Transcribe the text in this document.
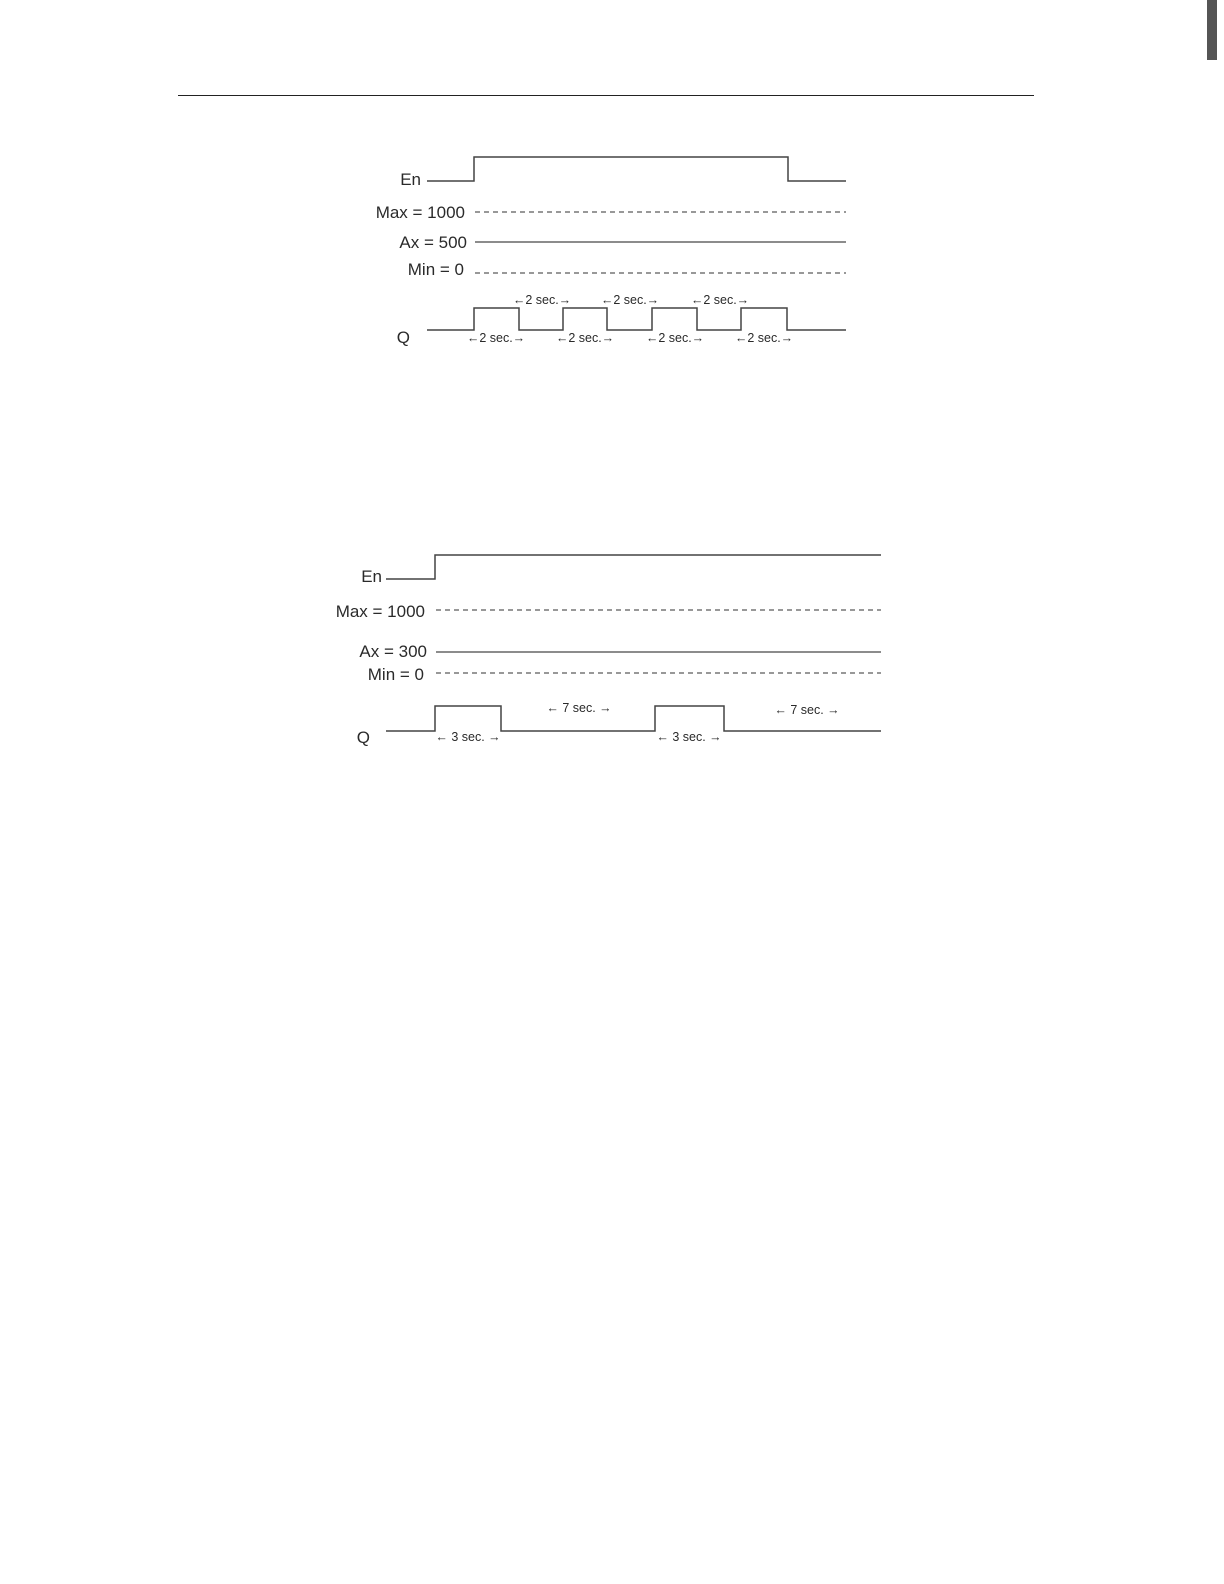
En
Max = 1000
Ax = 500
Min = 0
Q	←2 sec.→ ←2 sec.→	←2 sec.→ ←2 sec.→
←2 sec.→ ←2 sec.→	←2 sec.→
En
Max = 1000
Ax = 300
Min = 0
Q	← 3 sec. →	← 3 sec. →
← 7 sec. →	← 7 sec. →
